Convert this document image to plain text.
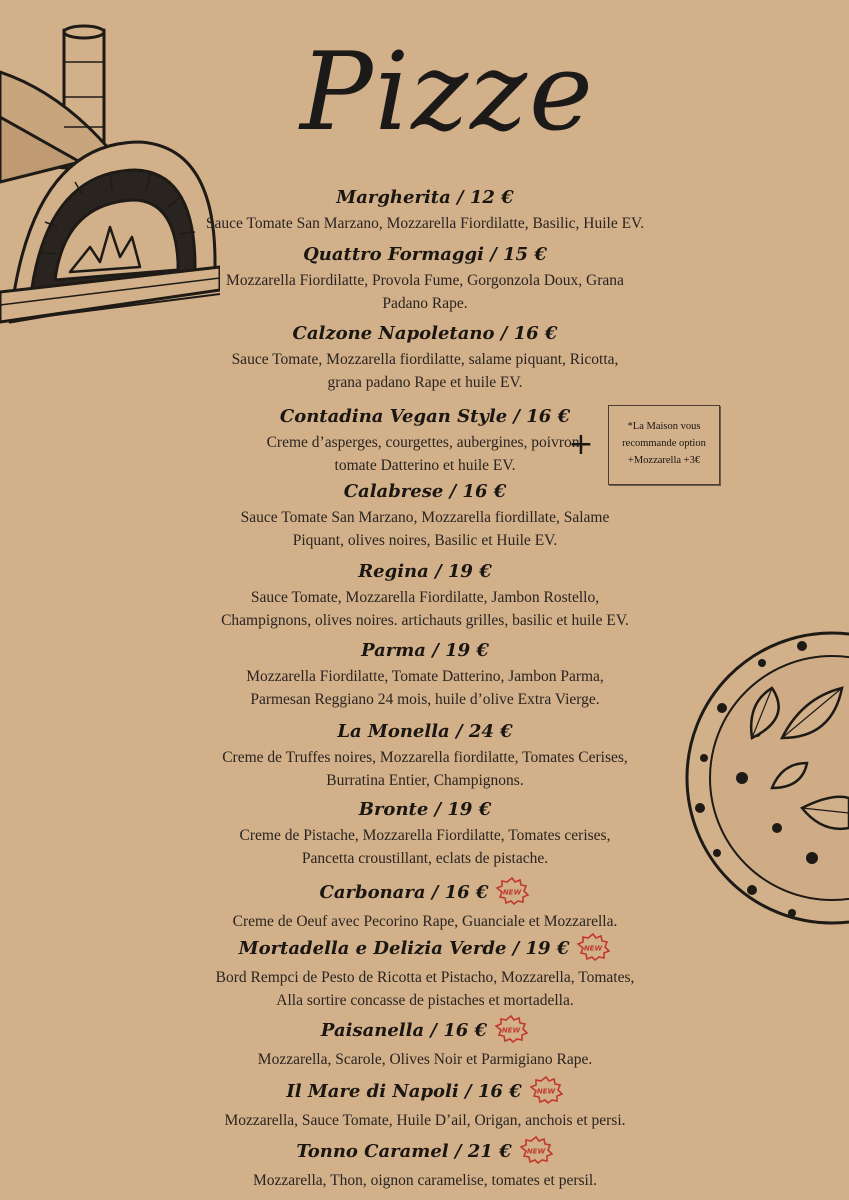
Pizze
Margherita / 12 €
Sauce Tomate San Marzano, Mozzarella Fiordilatte, Basilic, Huile EV.
Quattro Formaggi / 15 €
Mozzarella Fiordilatte, Provola Fume, Gorgonzola Doux, Grana
Padano Rape.
Calzone Napoletano / 16 €
Sauce Tomate, Mozzarella fiordilatte, salame piquant, Ricotta,
grana padano Rape et huile EV.
Contadina Vegan Style / 16 €
Creme d’asperges, courgettes, aubergines, poivron,
tomate Datterino et huile EV.
+
*La Maison vous
recommande option
+Mozzarella +3€
Calabrese / 16 €
Sauce Tomate San Marzano, Mozzarella fiordillate, Salame
Piquant, olives noires, Basilic et Huile EV.
Regina / 19 €
Sauce Tomate, Mozzarella Fiordilatte, Jambon Rostello,
Champignons, olives noires. artichauts grilles, basilic et huile EV.
Parma / 19 €
Mozzarella Fiordilatte, Tomate Datterino, Jambon Parma,
Parmesan Reggiano 24 mois, huile d’olive Extra Vierge.
La Monella / 24 €
Creme de Truffes noires, Mozzarella fiordilatte, Tomates Cerises,
Burratina Entier, Champignons.
Bronte / 19 €
Creme de Pistache, Mozzarella Fiordilatte, Tomates cerises,
Pancetta croustillant, eclats de pistache.
Carbonara / 16 € NEW
Creme de Oeuf avec Pecorino Rape, Guanciale et Mozzarella.
Mortadella e Delizia Verde / 19 € NEW
Bord Rempci de Pesto de Ricotta et Pistacho, Mozzarella, Tomates,
Alla sortire concasse de pistaches et mortadella.
Paisanella / 16 € NEW
Mozzarella, Scarole, Olives Noir et Parmigiano Rape.
Il Mare di Napoli / 16 € NEW
Mozzarella, Sauce Tomate, Huile D’ail, Origan, anchois et persi.
Tonno Caramel / 21 € NEW
Mozzarella, Thon, oignon caramelise, tomates et persil.
